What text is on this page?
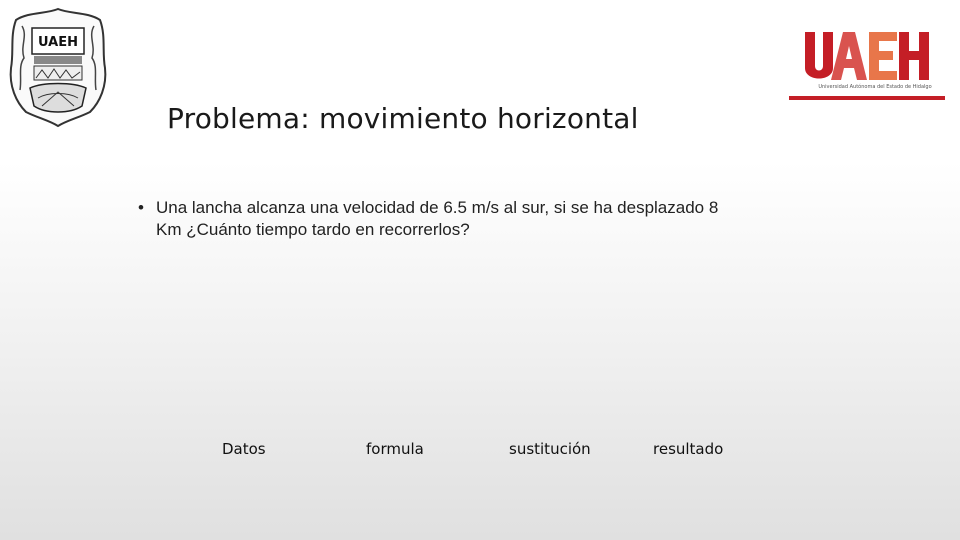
UAEH
Universidad Autónoma del Estado de Hidalgo
Problema: movimiento horizontal
• Una lancha alcanza una velocidad de 6.5 m/s al sur, si se ha desplazado 8 Km ¿Cuánto tiempo tardo en recorrerlos?
Datos	formula	sustitución	resultado
